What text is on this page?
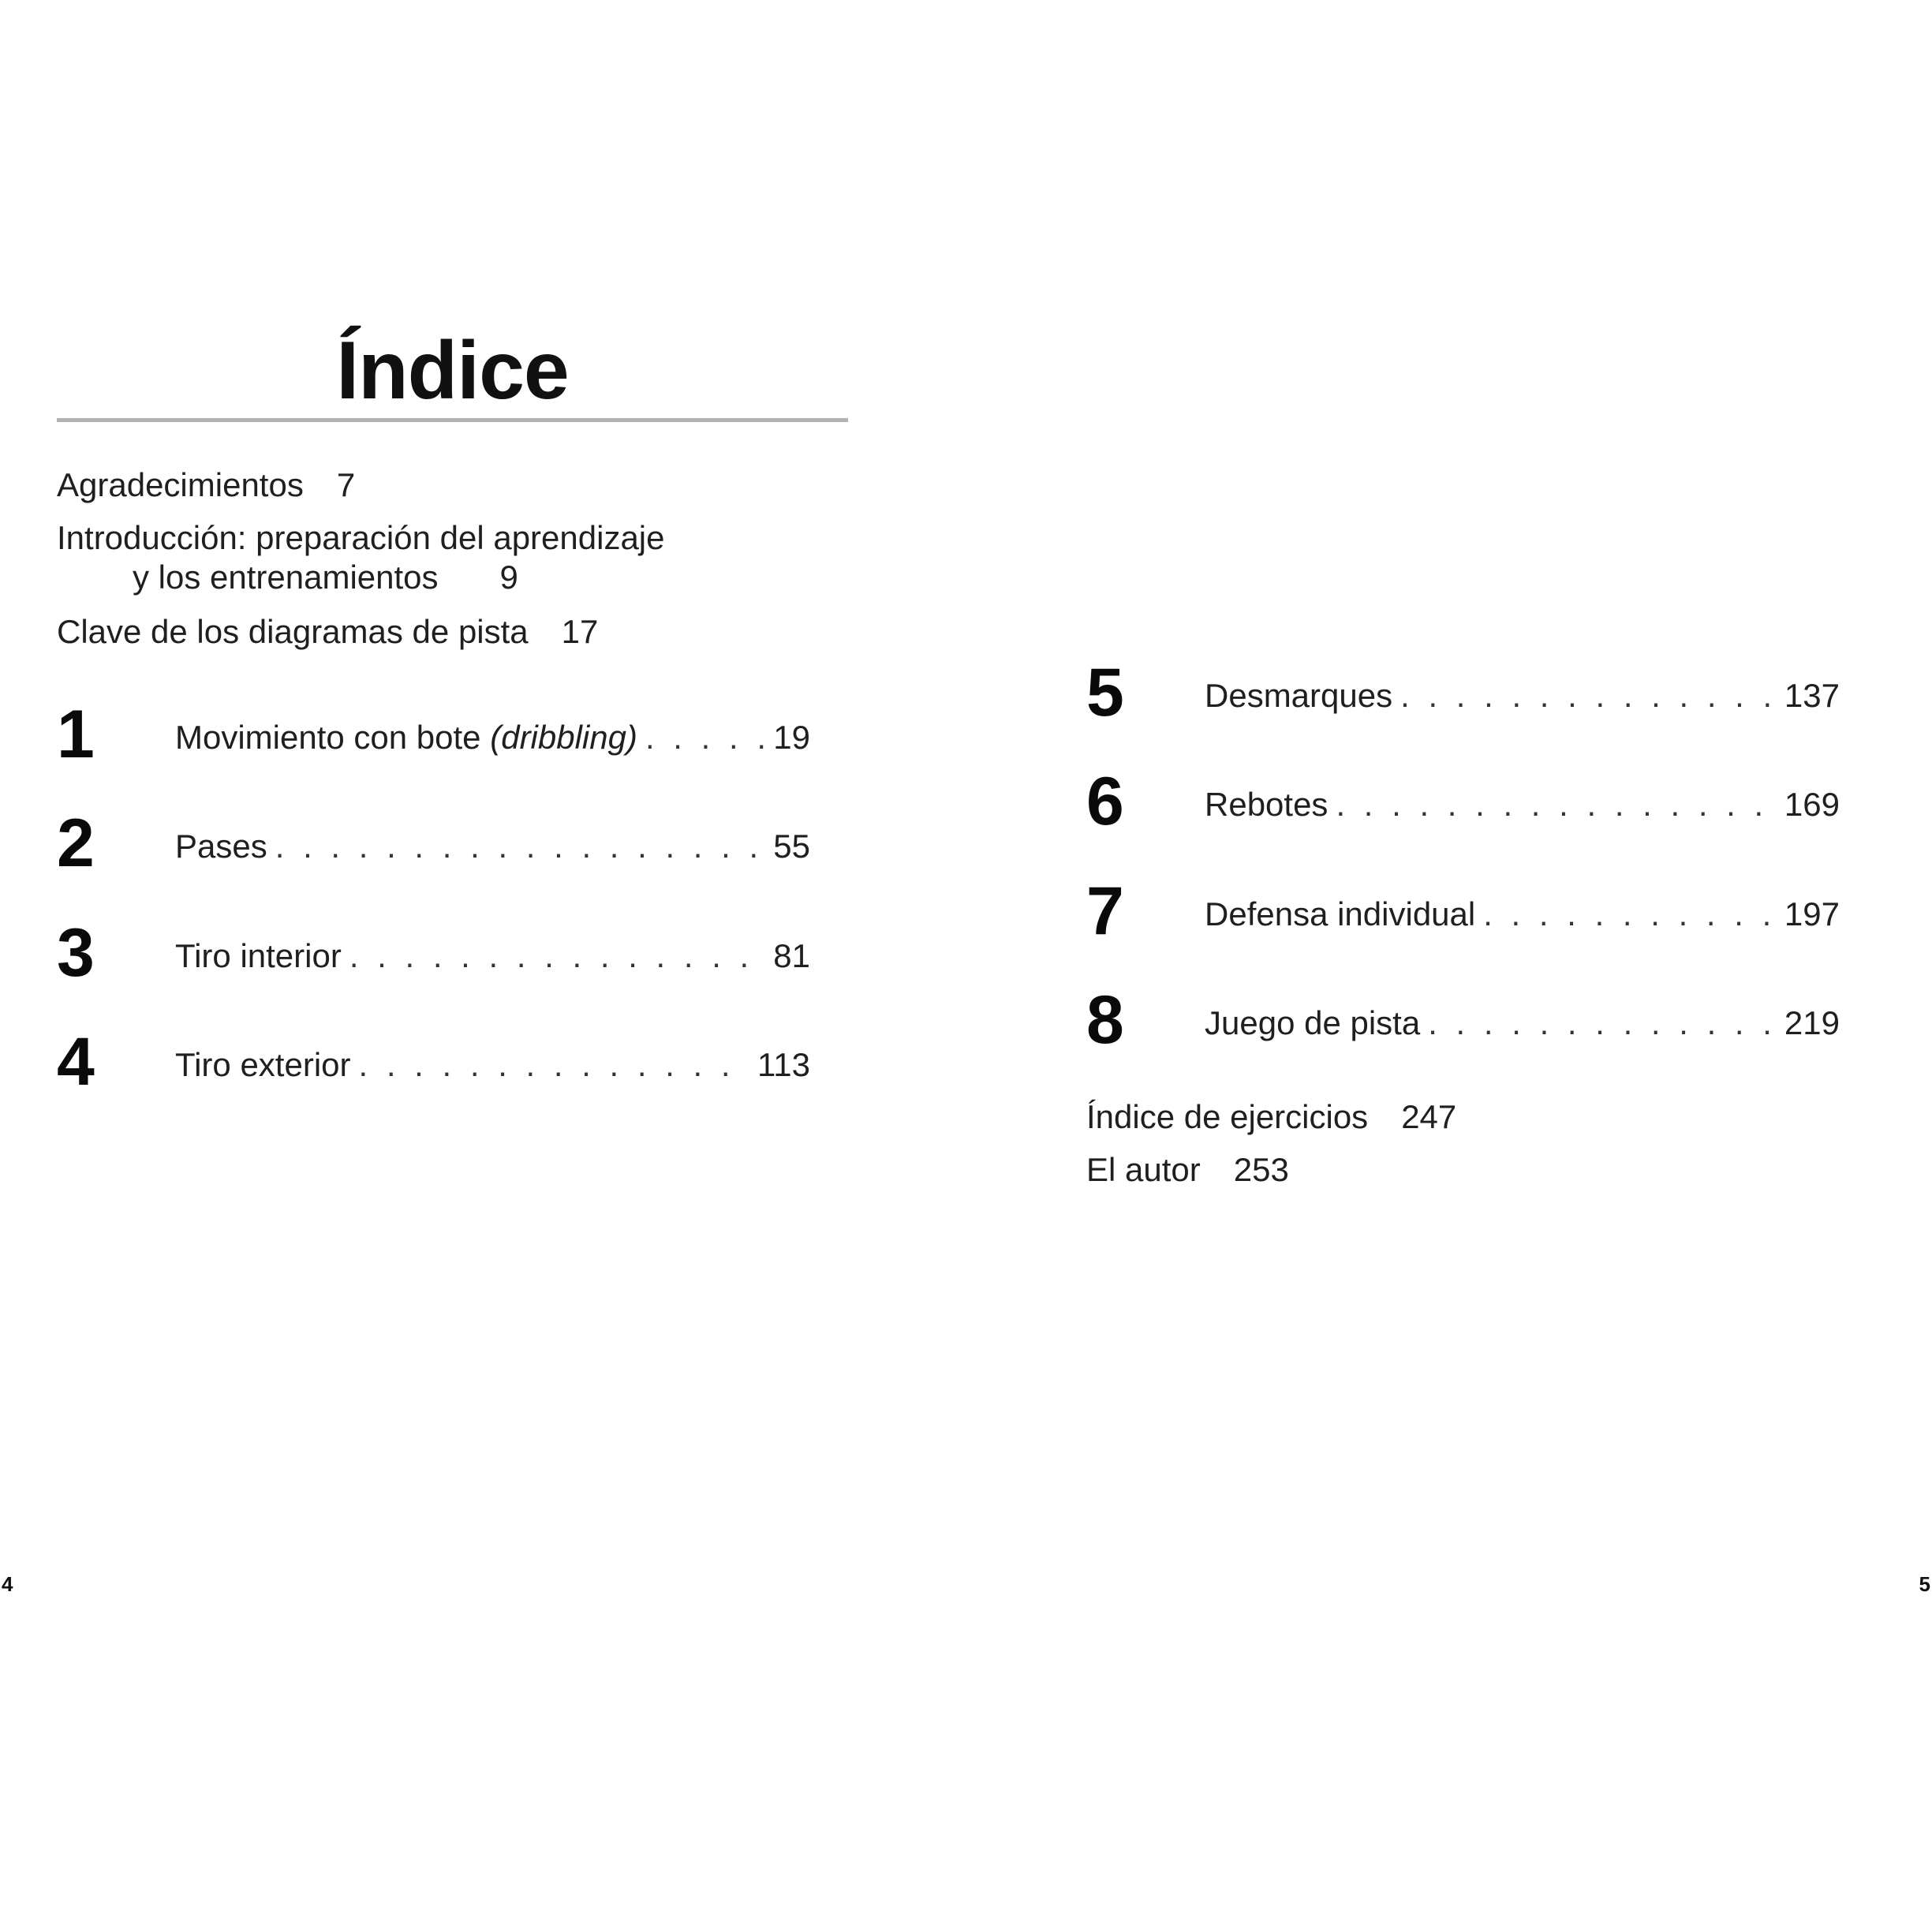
Índice
Agradecimientos 7
Introducción: preparación del aprendizaje
y los entrenamientos 9
Clave de los diagramas de pista 17
1 Movimiento con bote (dribbling) . . .	19
2 Pases . . .	55
3 Tiro interior . . .	81
4 Tiro exterior . . .	113
4
5 Desmarques . . .	137
6 Rebotes . . .	169
7 Defensa individual . . .	197
8 Juego de pista . . .	219
Índice de ejercicios 247
El autor 253
5
